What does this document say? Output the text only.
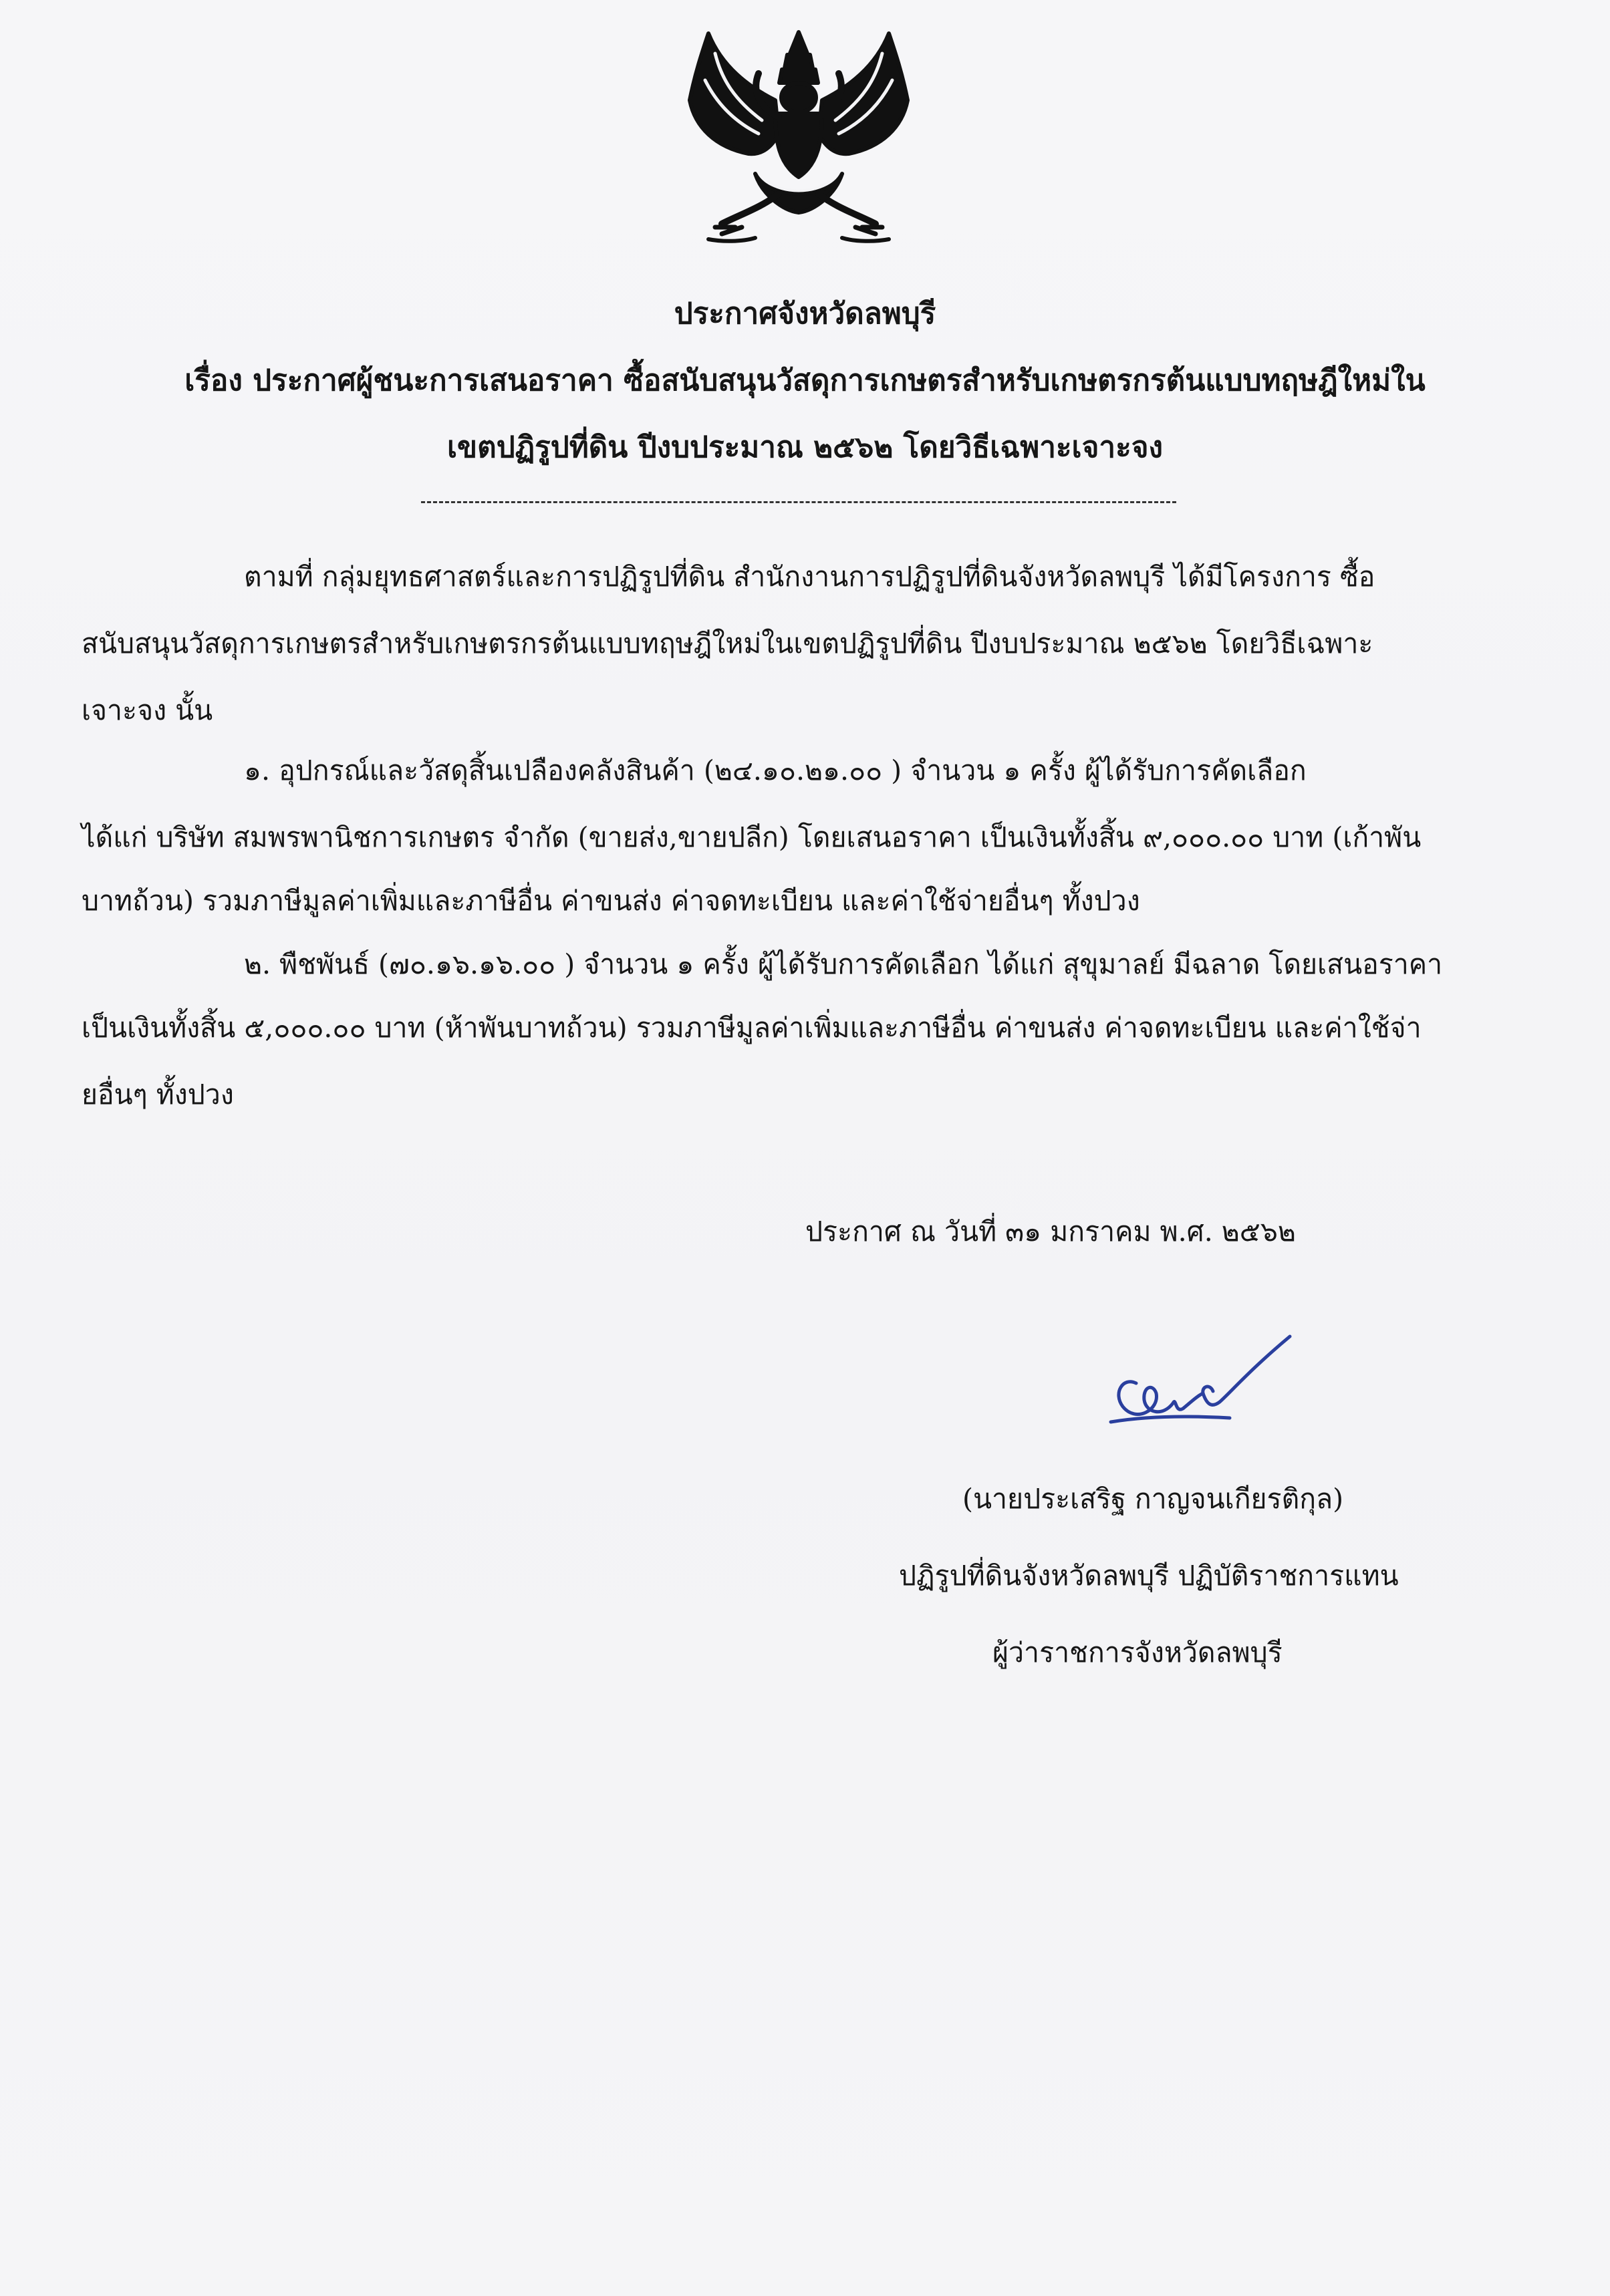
ประกาศจังหวัดลพบุรี
เรื่อง ประกาศผู้ชนะการเสนอราคา ซื้อสนับสนุนวัสดุการเกษตรสำหรับเกษตรกรต้นแบบทฤษฎีใหม่ใน
เขตปฏิรูปที่ดิน ปีงบประมาณ ๒๕๖๒ โดยวิธีเฉพาะเจาะจง
ตามที่ กลุ่มยุทธศาสตร์และการปฏิรูปที่ดิน สำนักงานการปฏิรูปที่ดินจังหวัดลพบุรี ได้มีโครงการ ซื้อ
สนับสนุนวัสดุการเกษตรสำหรับเกษตรกรต้นแบบทฤษฎีใหม่ในเขตปฏิรูปที่ดิน ปีงบประมาณ ๒๕๖๒ โดยวิธีเฉพาะ
เจาะจง นั้น
๑. อุปกรณ์และวัสดุสิ้นเปลืองคลังสินค้า (๒๔.๑๐.๒๑.๐๐ ) จำนวน ๑ ครั้ง ผู้ได้รับการคัดเลือก
ได้แก่ บริษัท สมพรพานิชการเกษตร จำกัด (ขายส่ง,ขายปลีก) โดยเสนอราคา เป็นเงินทั้งสิ้น ๙,๐๐๐.๐๐ บาท (เก้าพัน
บาทถ้วน) รวมภาษีมูลค่าเพิ่มและภาษีอื่น ค่าขนส่ง ค่าจดทะเบียน และค่าใช้จ่ายอื่นๆ ทั้งปวง
๒. พืชพันธ์ (๗๐.๑๖.๑๖.๐๐ ) จำนวน ๑ ครั้ง ผู้ได้รับการคัดเลือก ได้แก่ สุขุมาลย์ มีฉลาด โดยเสนอราคา
เป็นเงินทั้งสิ้น ๕,๐๐๐.๐๐ บาท (ห้าพันบาทถ้วน) รวมภาษีมูลค่าเพิ่มและภาษีอื่น ค่าขนส่ง ค่าจดทะเบียน และค่าใช้จ่า
ยอื่นๆ ทั้งปวง
ประกาศ ณ วันที่ ๓๑ มกราคม พ.ศ. ๒๕๖๒
(นายประเสริฐ กาญจนเกียรติกุล)
ปฏิรูปที่ดินจังหวัดลพบุรี ปฏิบัติราชการแทน
ผู้ว่าราชการจังหวัดลพบุรี
